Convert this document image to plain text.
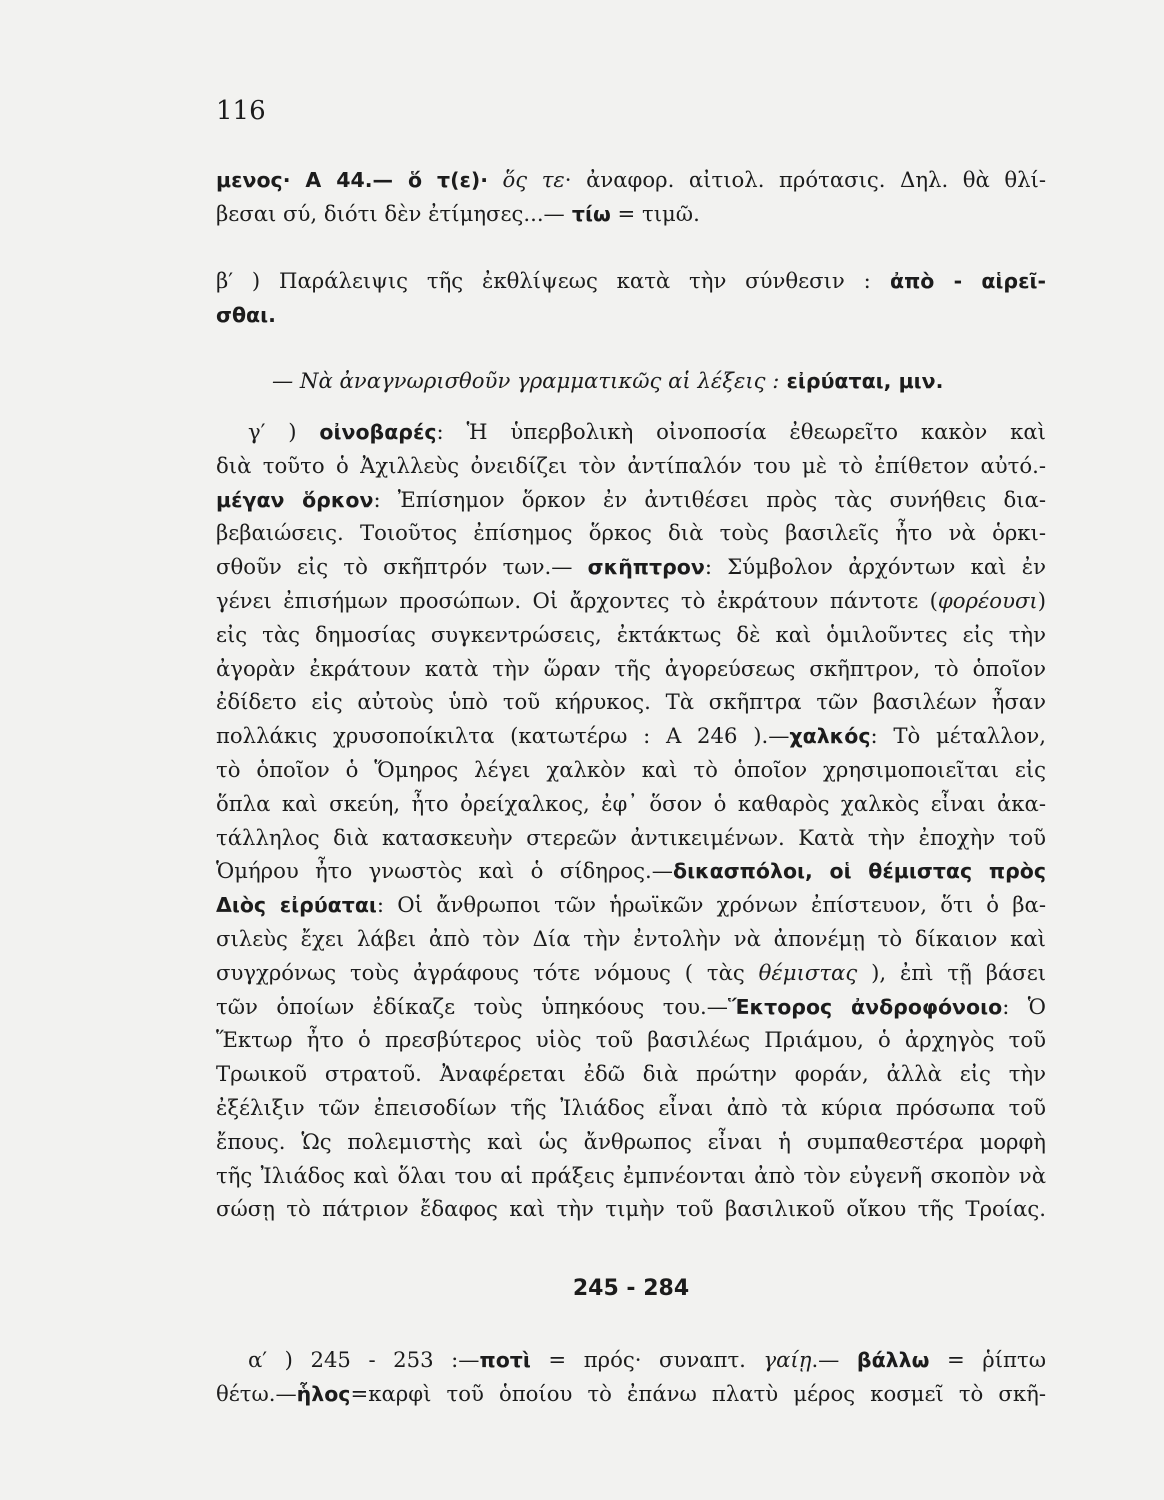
116
μενος· Α 44.— ὅ τ(ε)· ὅς τε· ἀναφορ. αἰτιολ. πρότασις. Δηλ. θὰ θλί-
βεσαι σύ, διότι δὲν ἐτίμησες...— τίω = τιμῶ.
β′ ) Παράλειψις τῆς ἐκθλίψεως κατὰ τὴν σύνθεσιν : ἀπὸ - αἱρεῖ-
σθαι.
— Νὰ ἀναγνωρισθοῦν γραμματικῶς αἱ λέξεις : εἰρύαται, μιν.
γ′ ) οἰνοβαρές: Ἡ ὑπερβολικὴ οἰνοποσία ἐθεωρεῖτο κακὸν καὶ
διὰ τοῦτο ὁ Ἀχιλλεὺς ὀνειδίζει τὸν ἀντίπαλόν του μὲ τὸ ἐπίθετον αὐτό.-
μέγαν ὅρκον: Ἐπίσημον ὅρκον ἐν ἀντιθέσει πρὸς τὰς συνήθεις δια-
βεβαιώσεις. Τοιοῦτος ἐπίσημος ὅρκος διὰ τοὺς βασιλεῖς ἦτο νὰ ὁρκι-
σθοῦν εἰς τὸ σκῆπτρόν των.— σκῆπτρον: Σύμβολον ἀρχόντων καὶ ἐν
γένει ἐπισήμων προσώπων. Οἱ ἄρχοντες τὸ ἐκράτουν πάντοτε (φορέουσι)
εἰς τὰς δημοσίας συγκεντρώσεις, ἐκτάκτως δὲ καὶ ὁμιλοῦντες εἰς τὴν
ἀγορὰν ἐκράτουν κατὰ τὴν ὥραν τῆς ἀγορεύσεως σκῆπτρον, τὸ ὁποῖον
ἐδίδετο εἰς αὐτοὺς ὑπὸ τοῦ κήρυκος. Τὰ σκῆπτρα τῶν βασιλέων ἦσαν
πολλάκις χρυσοποίκιλτα (κατωτέρω : Α 246 ).—χαλκός: Τὸ μέταλλον,
τὸ ὁποῖον ὁ Ὅμηρος λέγει χαλκὸν καὶ τὸ ὁποῖον χρησιμοποιεῖται εἰς
ὅπλα καὶ σκεύη, ἦτο ὀρείχαλκος, ἐφ᾽ ὅσον ὁ καθαρὸς χαλκὸς εἶναι ἀκα-
τάλληλος διὰ κατασκευὴν στερεῶν ἀντικειμένων. Κατὰ τὴν ἐποχὴν τοῦ
Ὁμήρου ἦτο γνωστὸς καὶ ὁ σίδηρος.—δικασπόλοι, οἱ θέμιστας πρὸς
Διὸς εἰρύαται: Οἱ ἄνθρωποι τῶν ἡρωϊκῶν χρόνων ἐπίστευον, ὅτι ὁ βα-
σιλεὺς ἔχει λάβει ἀπὸ τὸν Δία τὴν ἐντολὴν νὰ ἀπονέμῃ τὸ δίκαιον καὶ
συγχρόνως τοὺς ἀγράφους τότε νόμους ( τὰς θέμιστας ), ἐπὶ τῇ βάσει
τῶν ὁποίων ἐδίκαζε τοὺς ὑπηκόους του.—Ἕκτορος ἀνδροφόνοιο: Ὁ
Ἕκτωρ ἦτο ὁ πρεσβύτερος υἱὸς τοῦ βασιλέως Πριάμου, ὁ ἀρχηγὸς τοῦ
Τρωικοῦ στρατοῦ. Ἀναφέρεται ἐδῶ διὰ πρώτην φοράν, ἀλλὰ εἰς τὴν
ἐξέλιξιν τῶν ἐπεισοδίων τῆς Ἰλιάδος εἶναι ἀπὸ τὰ κύρια πρόσωπα τοῦ
ἔπους. Ὡς πολεμιστὴς καὶ ὡς ἄνθρωπος εἶναι ἡ συμπαθεστέρα μορφὴ
τῆς Ἰλιάδος καὶ ὅλαι του αἱ πράξεις ἐμπνέονται ἀπὸ τὸν εὐγενῆ σκοπὸν νὰ
σώσῃ τὸ πάτριον ἔδαφος καὶ τὴν τιμὴν τοῦ βασιλικοῦ οἴκου τῆς Τροίας.
245 - 284
α′ ) 245 - 253 :—ποτὶ = πρός· συναπτ. γαίῃ.— βάλλω = ῥίπτω
θέτω.—ἧλος=καρφὶ τοῦ ὁποίου τὸ ἐπάνω πλατὺ μέρος κοσμεῖ τὸ σκῆ-
